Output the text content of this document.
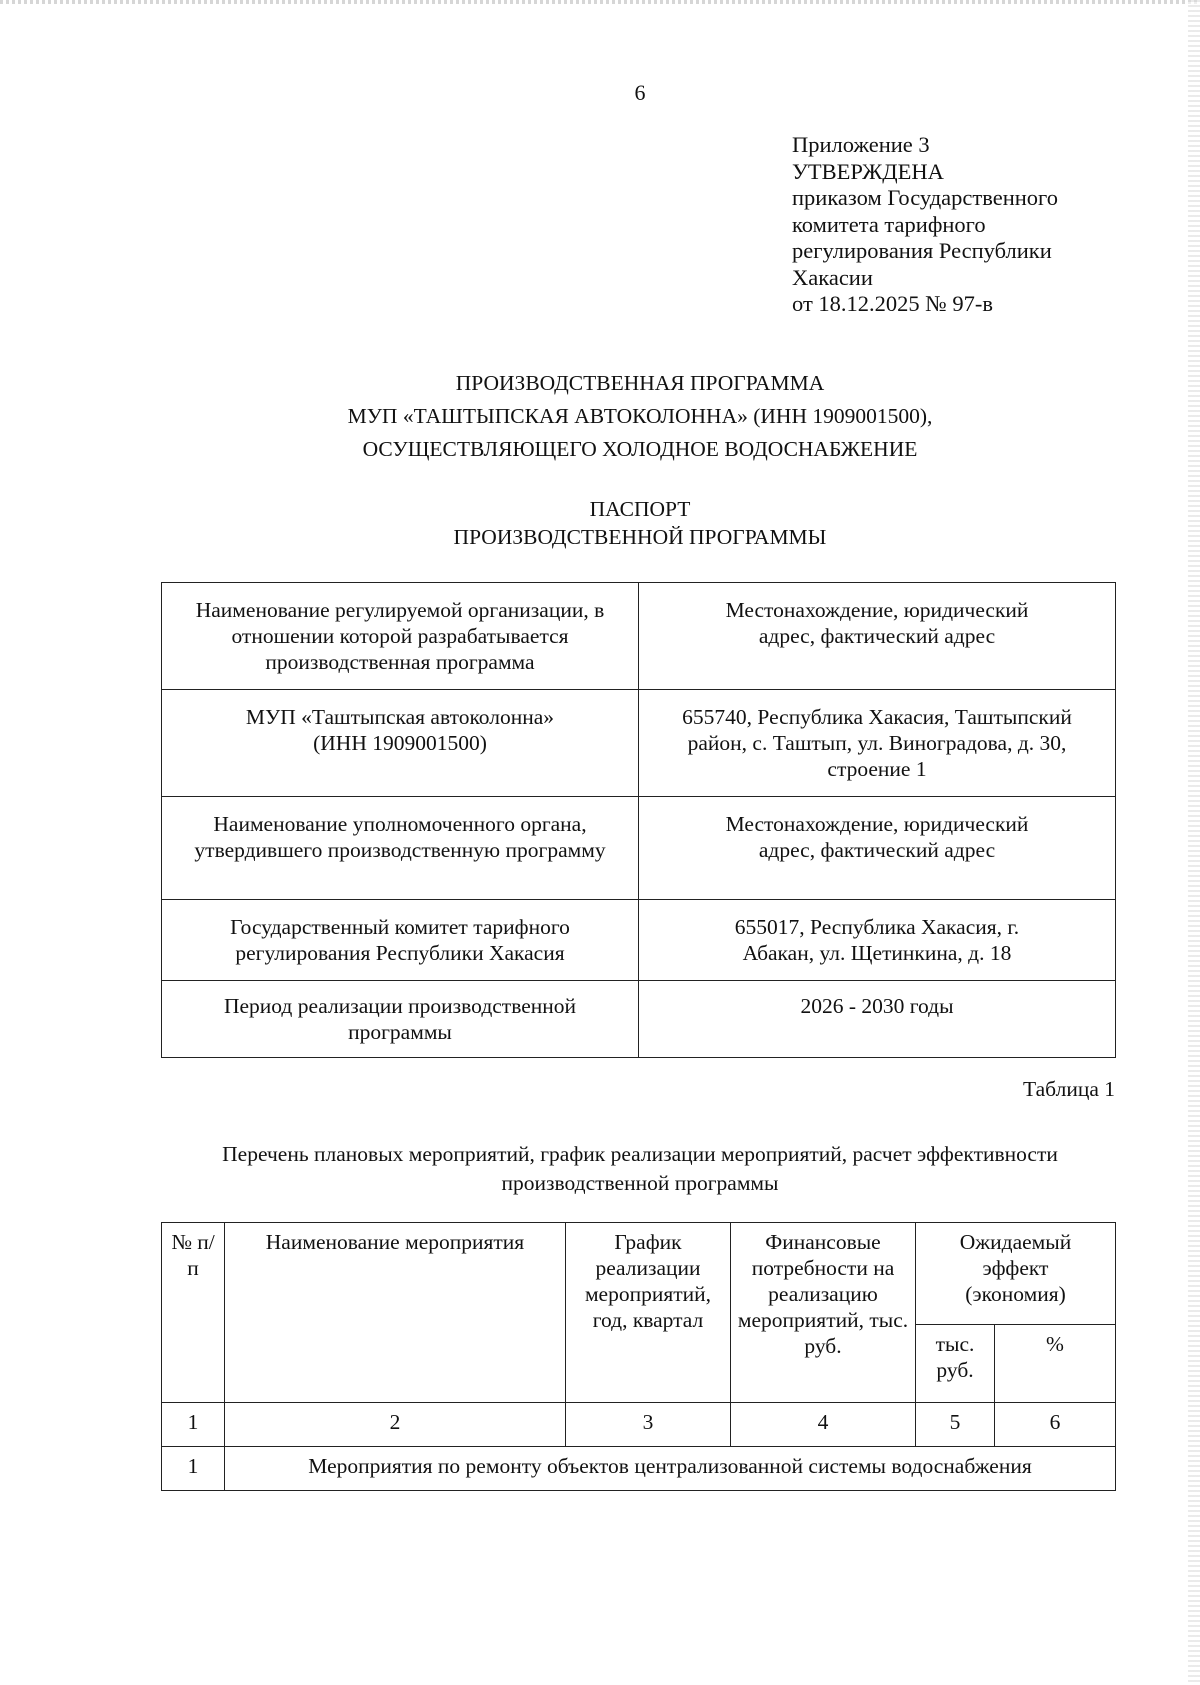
6
Приложение 3
УТВЕРЖДЕНА
приказом Государственного
комитета тарифного
регулирования Республики
Хакасии
от 18.12.2025 № 97-в
ПРОИЗВОДСТВЕННАЯ ПРОГРАММА
МУП «ТАШТЫПСКАЯ АВТОКОЛОННА» (ИНН 1909001500),
ОСУЩЕСТВЛЯЮЩЕГО ХОЛОДНОЕ ВОДОСНАБЖЕНИЕ
ПАСПОРТ
ПРОИЗВОДСТВЕННОЙ ПРОГРАММЫ
Наименование регулируемой организации, в отношении которой разрабатывается производственная программа	Местонахождение, юридический адрес, фактический адрес
МУП «Таштыпская автоколонна» (ИНН 1909001500)	655740, Республика Хакасия, Таштыпский район, с. Таштып, ул. Виноградова, д. 30, строение 1
Наименование уполномоченного органа, утвердившего производственную программу	Местонахождение, юридический адрес, фактический адрес
Государственный комитет тарифного регулирования Республики Хакасия	655017, Республика Хакасия, г. Абакан, ул. Щетинкина, д. 18
Период реализации производственной программы	2026 - 2030 годы
Таблица 1
Перечень плановых мероприятий, график реализации мероприятий, расчет эффективности производственной программы
№ п/п	Наименование мероприятия	График реализации мероприятий, год, квартал	Финансовые потребности на реализацию мероприятий, тыс. руб.	Ожидаемый эффект (экономия)	
				тыс. руб.	%
1	2	3	4	5	6
1	Мероприятия по ремонту объектов централизованной системы водоснабжения				
